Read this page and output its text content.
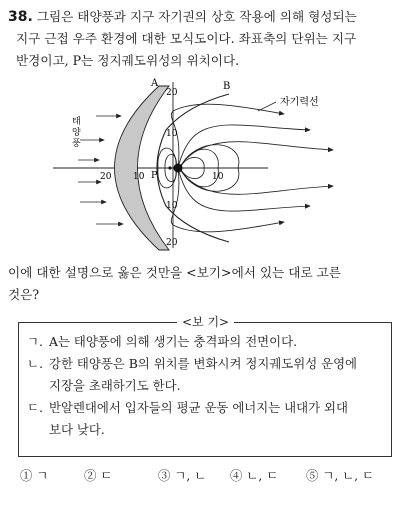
38. 그림은 태양풍과 지구 자기권의 상호 작용에 의해 형성되는
지구 근접 우주 환경에 대한 모식도이다. 좌표축의 단위는 지구
반경이고, P는 정지궤도위성의 위치이다.
A	B
P
자기력선
20
10
10
20
20 10	10
태 양 풍
이에 대한 설명으로 옳은 것만을 <보기>에서 있는 대로 고른
것은?
<보 기>
ㄱ. A는 태양풍에 의해 생기는 충격파의 전면이다.
ㄴ. 강한 태양풍은 B의 위치를 변화시켜 정지궤도위성 운영에
지장을 초래하기도 한다.
ㄷ. 반알렌대에서 입자들의 평균 운동 에너지는 내대가 외대
보다 낮다.
① ㄱ	② ㄷ	③ ㄱ, ㄴ	④ ㄴ, ㄷ	⑤ ㄱ, ㄴ, ㄷ
